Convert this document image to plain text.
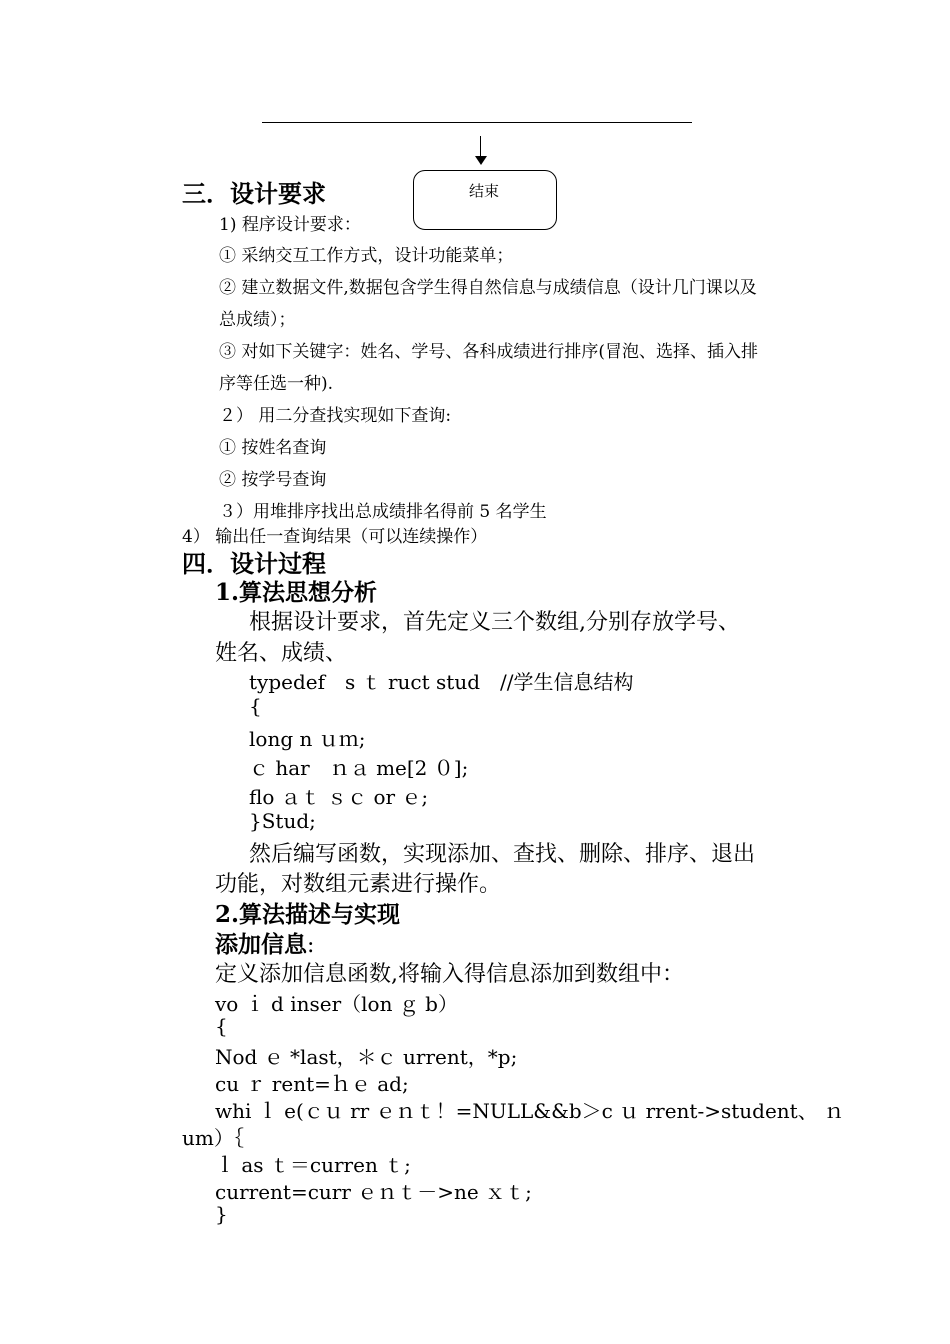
结束
三．设计要求
1) 程序设计要求：
① 采纳交互工作方式，设计功能菜单；
② 建立数据文件,数据包含学生得自然信息与成绩信息（设计几门课以及
总成绩）；
③ 对如下关键字：姓名、学号、各科成绩进行排序(冒泡、选择、插入排
序等任选一种).
２） 用二分查找实现如下查询:
① 按姓名查询
② 按学号查询
３）用堆排序找出总成绩排名得前 5 名学生
4） 输出任一查询结果（可以连续操作）
四．设计过程
1.算法思想分析
根据设计要求，首先定义三个数组,分别存放学号、
姓名、成绩、
typedef　s ｔ ruct stud　//学生信息结构
{
long n ｕｍ;
ｃ har　ｎａ me[2 ０];
flo ａｔ ｓｃ or ｅ;
}Stud;
然后编写函数，实现添加、查找、删除、排序、退出
功能，对数组元素进行操作。
2.算法描述与实现
添加信息:
定义添加信息函数,将输入得信息添加到数组中：
vo ｉ d inser（lon ｇ b）
{
Nod ｅ *last，＊ｃ urrent，*p;
cu ｒ rent=ｈｅ ad;
whi ｌ e(ｃｕ rr ｅｎｔ！=NULL&&b＞c ｕ rrent->student、 ｎ
um）｛
ｌ as ｔ＝curren ｔ;
current=curr ｅｎｔ－>ne ｘｔ;
}
